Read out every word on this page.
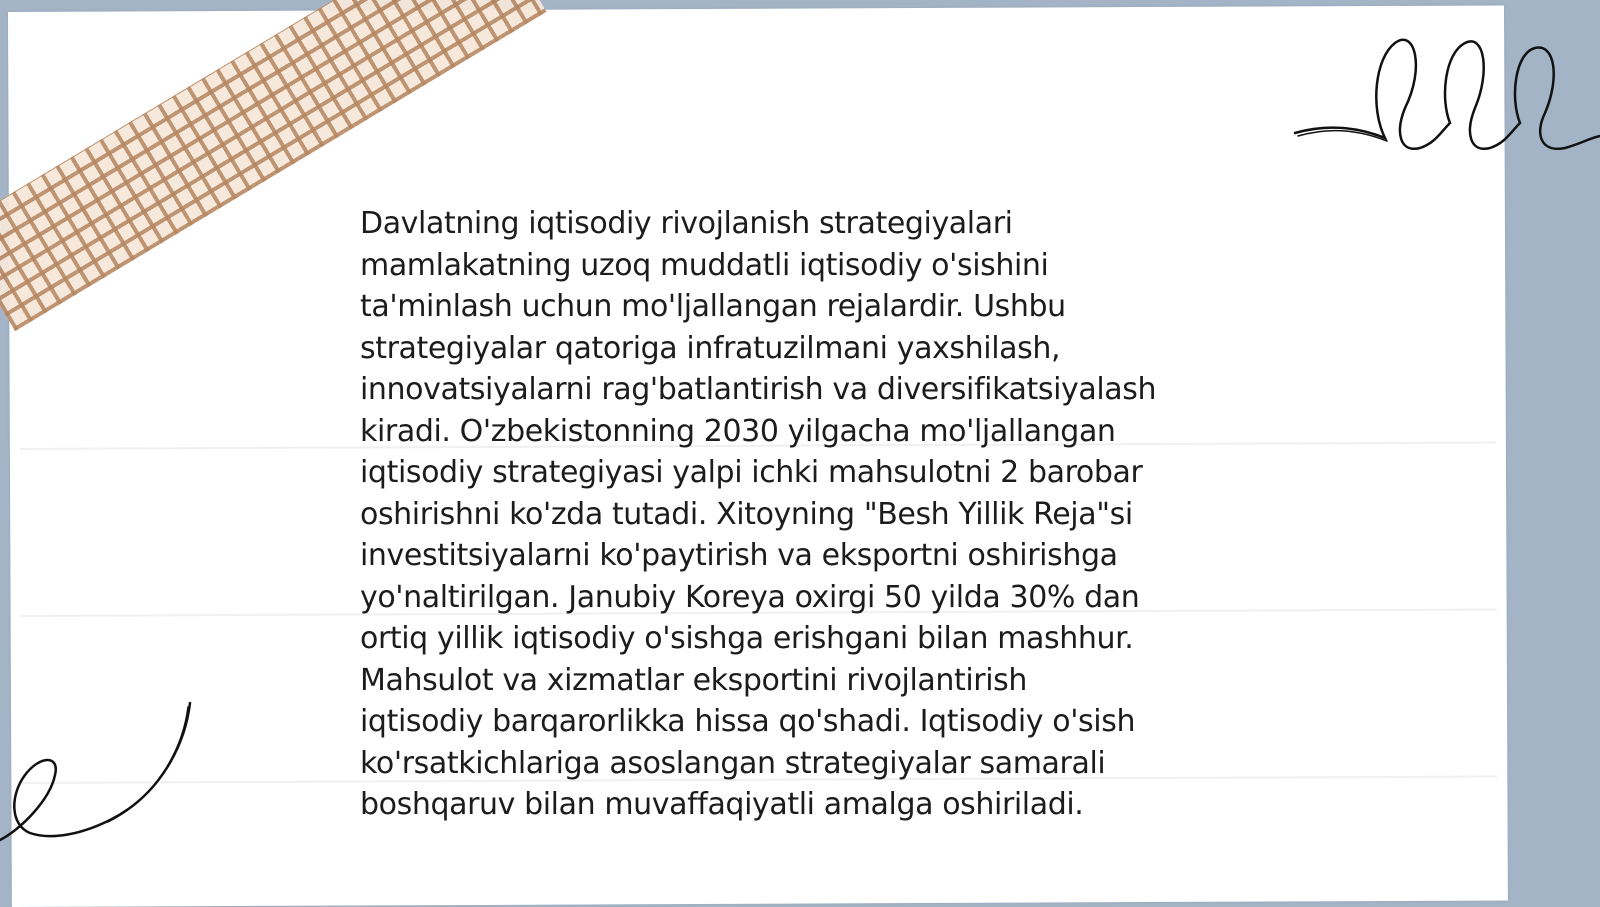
Davlatning iqtisodiy rivojlanish strategiyalari
mamlakatning uzoq muddatli iqtisodiy o'sishini
ta'minlash uchun mo'ljallangan rejalardir. Ushbu
strategiyalar qatoriga infratuzilmani yaxshilash,
innovatsiyalarni rag'batlantirish va diversifikatsiyalash
kiradi. O'zbekistonning 2030 yilgacha mo'ljallangan
iqtisodiy strategiyasi yalpi ichki mahsulotni 2 barobar
oshirishni ko'zda tutadi. Xitoyning "Besh Yillik Reja"si
investitsiyalarni ko'paytirish va eksportni oshirishga
yo'naltirilgan. Janubiy Koreya oxirgi 50 yilda 30% dan
ortiq yillik iqtisodiy o'sishga erishgani bilan mashhur.
Mahsulot va xizmatlar eksportini rivojlantirish
iqtisodiy barqarorlikka hissa qo'shadi. Iqtisodiy o'sish
ko'rsatkichlariga asoslangan strategiyalar samarali
boshqaruv bilan muvaffaqiyatli amalga oshiriladi.
